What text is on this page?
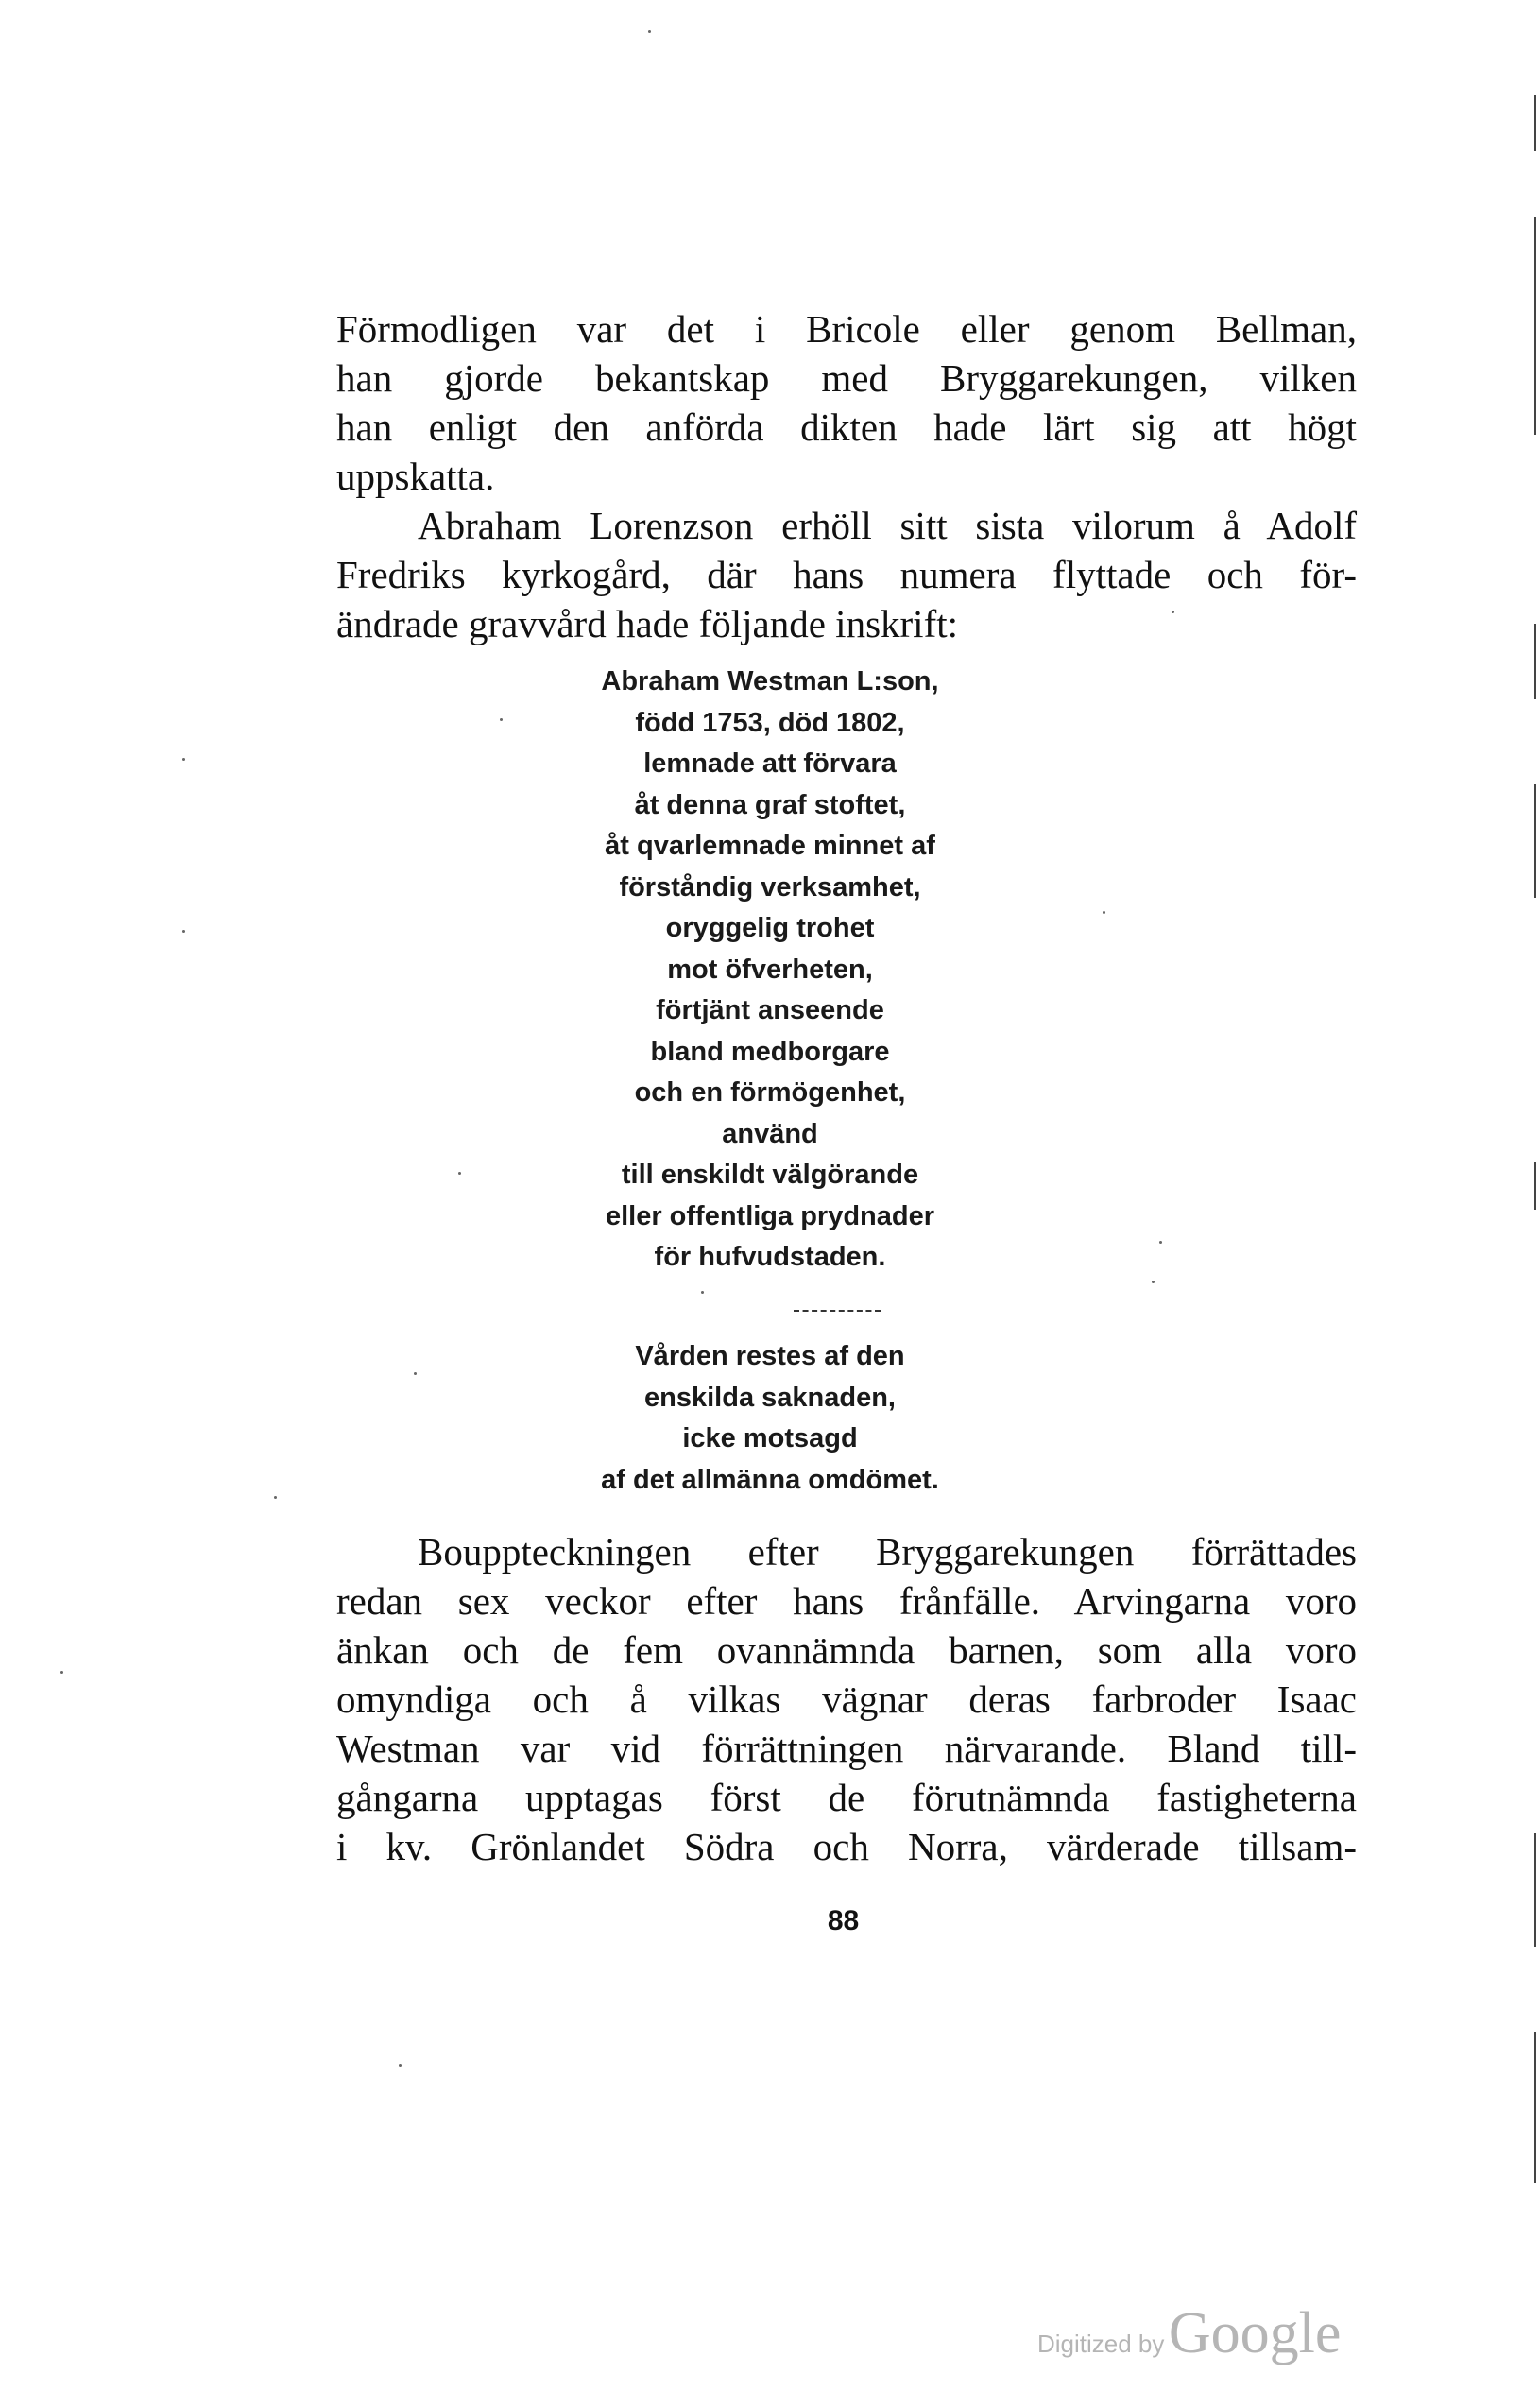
Förmodligen var det i Bricole eller genom Bellman,
han gjorde bekantskap med Bryggarekungen, vilken
han enligt den anförda dikten hade lärt sig att högt
uppskatta.
Abraham Lorenzson erhöll sitt sista vilorum å Adolf
Fredriks kyrkogård, där hans numera flyttade och för-
ändrade gravvård hade följande inskrift:
Abraham Westman L:son,
född 1753, död 1802,
lemnade att förvara
åt denna graf stoftet,
åt qvarlemnade minnet af
förståndig verksamhet,
oryggelig trohet
mot öfverheten,
förtjänt anseende
bland medborgare
och en förmögenhet,
använd
till enskildt välgörande
eller offentliga prydnader
för hufvudstaden.
Vården restes af den
enskilda saknaden,
icke motsagd
af det allmänna omdömet.
Bouppteckningen efter Bryggarekungen förrättades
redan sex veckor efter hans frånfälle. Arvingarna voro
änkan och de fem ovannämnda barnen, som alla voro
omyndiga och å vilkas vägnar deras farbroder Isaac
Westman var vid förrättningen närvarande. Bland till-
gångarna upptagas först de förutnämnda fastigheterna
i kv. Grönlandet Södra och Norra, värderade tillsam-
88
Digitized by Google
